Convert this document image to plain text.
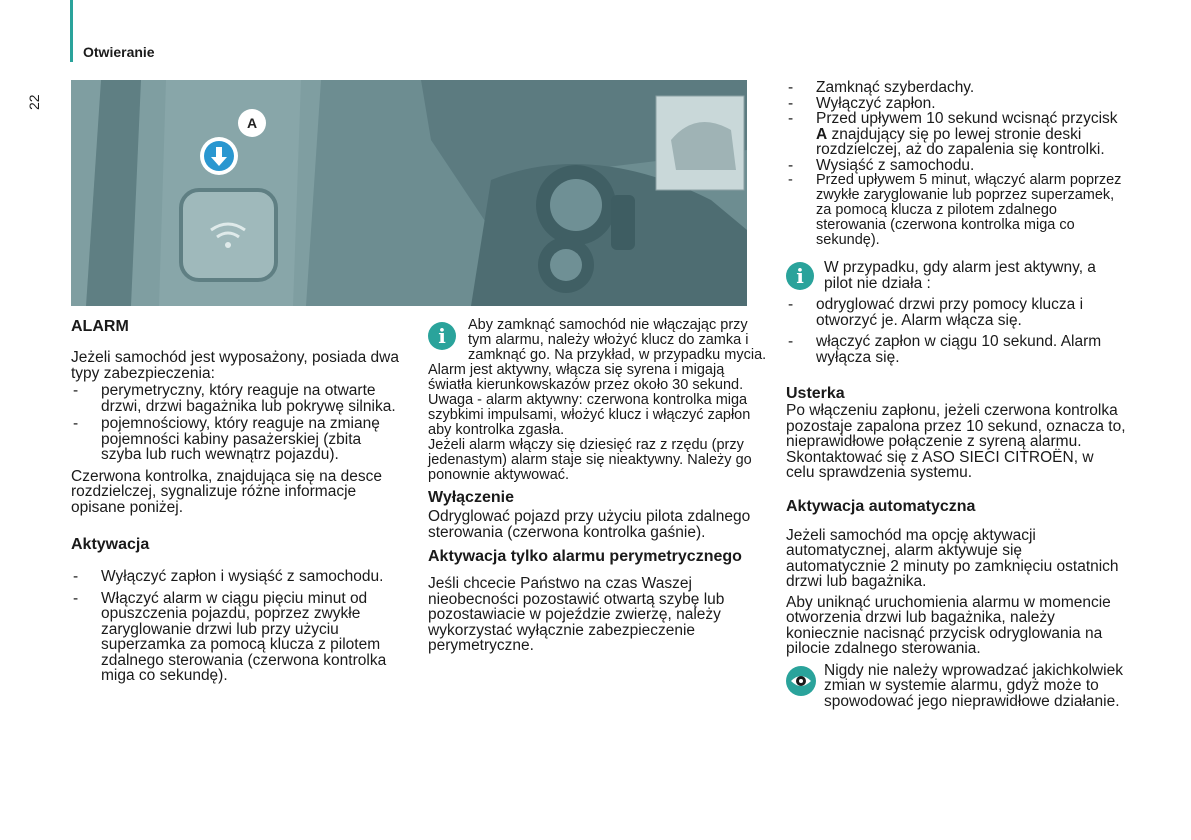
Otwieranie
22
A
ALARM

Jeżeli samochód jest wyposażony, posiada dwa typy zabezpieczenia:

- perymetryczny, który reaguje na otwarte drzwi, drzwi bagażnika lub pokrywę silnika.

- pojemnościowy, który reaguje na zmianę pojemności kabiny pasażerskiej (zbita szyba lub ruch wewnątrz pojazdu).

Czerwona kontrolka, znajdująca się na desce rozdzielczej, sygnalizuje różne informacje opisane poniżej.

Aktywacja

- Wyłączyć zapłon i wysiąść z samochodu.

- Włączyć alarm w ciągu pięciu minut od opuszczenia pojazdu, poprzez zwykłe zaryglowanie drzwi lub przy użyciu superzamka za pomocą klucza z pilotem zdalnego sterowania (czerwona kontrolka miga co sekundę).

i	Aby zamknąć samochód nie włączając przy tym alarmu, należy włożyć klucz do zamka i zamknąć go. Na przykład, w przypadku mycia.

Alarm jest aktywny, włącza się syrena i migają światła kierunkowskazów przez około 30 sekund.

Uwaga - alarm aktywny: czerwona kontrolka miga szybkimi impulsami, włożyć klucz i włączyć zapłon aby kontrolka zgasła.

Jeżeli alarm włączy się dziesięć raz z rzędu (przy jedenastym) alarm staje się nieaktywny. Należy go ponownie aktywować.

Wyłączenie

Odryglować pojazd przy użyciu pilota zdalnego sterowania (czerwona kontrolka gaśnie).

Aktywacja tylko alarmu perymetrycznego

Jeśli chcecie Państwo na czas Waszej nieobecności pozostawić otwartą szybę lub pozostawiacie w pojeździe zwierzę, należy wykorzystać wyłącznie zabezpieczenie perymetryczne.

- Zamknąć szyberdachy.

- Wyłączyć zapłon.

- Przed upływem 10 sekund wcisnąć przycisk A znajdujący się po lewej stronie deski rozdzielczej, aż do zapalenia się kontrolki.

- Wysiąść z samochodu.

- Przed upływem 5 minut, włączyć alarm poprzez zwykłe zaryglowanie lub poprzez superzamek, za pomocą klucza z pilotem zdalnego sterowania (czerwona kontrolka miga co sekundę).

i	W przypadku, gdy alarm jest aktywny, a pilot nie działa :

- odryglować drzwi przy pomocy klucza i otworzyć je. Alarm włącza się.

- włączyć zapłon w ciągu 10 sekund. Alarm wyłącza się.

Usterka

Po włączeniu zapłonu, jeżeli czerwona kontrolka pozostaje zapalona przez 10 sekund, oznacza to, nieprawidłowe połączenie z syreną alarmu. Skontaktować się z ASO SIECI CITROËN, w celu sprawdzenia systemu.

Aktywacja automatyczna

Jeżeli samochód ma opcję aktywacji automatycznej, alarm aktywuje się automatycznie 2 minuty po zamknięciu ostatnich drzwi lub bagażnika.

Aby uniknąć uruchomienia alarmu w momencie otworzenia drzwi lub bagażnika, należy koniecznie nacisnąć przycisk odryglowania na pilocie zdalnego sterowania.

Nigdy nie należy wprowadzać jakichkolwiek zmian w systemie alarmu, gdyż może to spowodować jego nieprawidłowe działanie.
